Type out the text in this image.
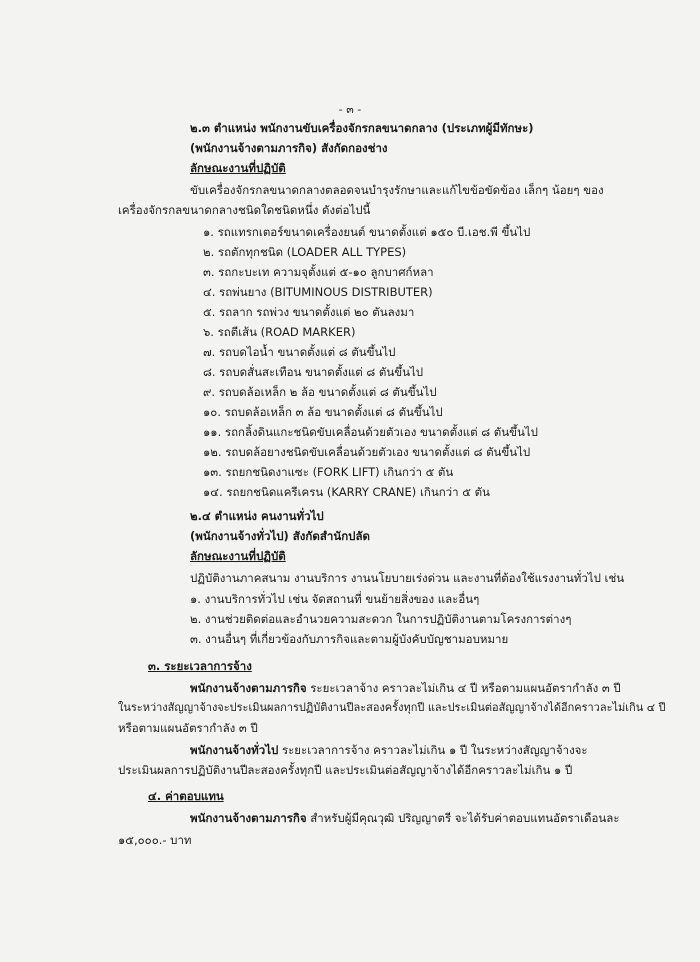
- ๓ -
๒.๓ ตำแหน่ง พนักงานขับเครื่องจักรกลขนาดกลาง (ประเภทผู้มีทักษะ)
(พนักงานจ้างตามภารกิจ) สังกัดกองช่าง
ลักษณะงานที่ปฏิบัติ
ขับเครื่องจักรกลขนาดกลางตลอดจนบำรุงรักษาและแก้ไขข้อขัดข้อง เล็กๆ น้อยๆ ของ
เครื่องจักรกลขนาดกลางชนิดใดชนิดหนึ่ง ดังต่อไปนี้
๑. รถแทรกเตอร์ขนาดเครื่องยนต์ ขนาดตั้งแต่ ๑๕๐ บี.เอช.พี ขึ้นไป
๒. รถตักทุกชนิด (LOADER ALL TYPES)
๓. รถกะบะเท ความจุตั้งแต่ ๕-๑๐ ลูกบาศก์หลา
๔. รถพ่นยาง (BITUMINOUS DISTRIBUTER)
๕. รถลาก รถพ่วง ขนาดตั้งแต่ ๒๐ ตันลงมา
๖. รถตีเส้น (ROAD MARKER)
๗. รถบดไอน้ำ ขนาดตั้งแต่ ๘ ตันขึ้นไป
๘. รถบดสั่นสะเทือน ขนาดตั้งแต่ ๘ ตันขึ้นไป
๙. รถบดล้อเหล็ก ๒ ล้อ ขนาดตั้งแต่ ๘ ตันขึ้นไป
๑๐. รถบดล้อเหล็ก ๓ ล้อ ขนาดตั้งแต่ ๘ ตันขึ้นไป
๑๑. รถกลิ้งดินแกะชนิดขับเคลื่อนด้วยตัวเอง ขนาดตั้งแต่ ๘ ตันขึ้นไป
๑๒. รถบดล้อยางชนิดขับเคลื่อนด้วยตัวเอง ขนาดตั้งแต่ ๘ ตันขึ้นไป
๑๓. รถยกชนิดงาแซะ (FORK LIFT) เกินกว่า ๕ ตัน
๑๔. รถยกชนิดแครีเครน (KARRY CRANE) เกินกว่า ๕ ตัน
๒.๔ ตำแหน่ง คนงานทั่วไป
(พนักงานจ้างทั่วไป) สังกัดสำนักปลัด
ลักษณะงานที่ปฏิบัติ
ปฏิบัติงานภาคสนาม งานบริการ งานนโยบายเร่งด่วน และงานที่ต้องใช้แรงงานทั่วไป เช่น
๑. งานบริการทั่วไป เช่น จัดสถานที่ ขนย้ายสิ่งของ และอื่นๆ
๒. งานช่วยติดต่อและอำนวยความสะดวก ในการปฏิบัติงานตามโครงการต่างๆ
๓. งานอื่นๆ ที่เกี่ยวข้องกับภารกิจและตามผู้บังคับบัญชามอบหมาย
๓. ระยะเวลาการจ้าง
พนักงานจ้างตามภารกิจ ระยะเวลาจ้าง คราวละไม่เกิน ๔ ปี หรือตามแผนอัตรากำลัง ๓ ปี
ในระหว่างสัญญาจ้างจะประเมินผลการปฏิบัติงานปีละสองครั้งทุกปี และประเมินต่อสัญญาจ้างได้อีกคราวละไม่เกิน ๔ ปี
หรือตามแผนอัตรากำลัง ๓ ปี
พนักงานจ้างทั่วไป ระยะเวลาการจ้าง คราวละไม่เกิน ๑ ปี ในระหว่างสัญญาจ้างจะ
ประเมินผลการปฏิบัติงานปีละสองครั้งทุกปี และประเมินต่อสัญญาจ้างได้อีกคราวละไม่เกิน ๑ ปี
๔. ค่าตอบแทน
พนักงานจ้างตามภารกิจ สำหรับผู้มีคุณวุฒิ ปริญญาตรี จะได้รับค่าตอบแทนอัตราเดือนละ
๑๕,๐๐๐.- บาท
